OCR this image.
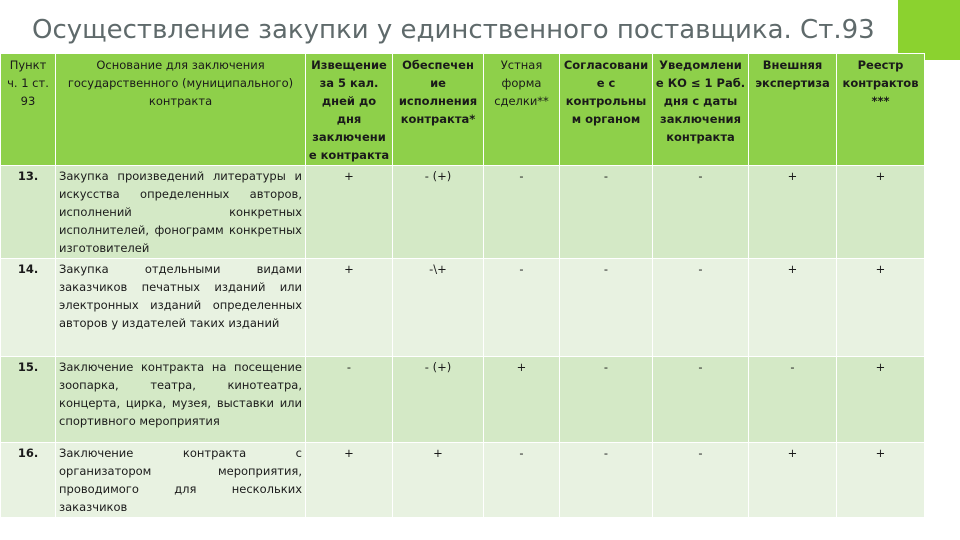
Осуществление закупки у единственного поставщика. Ст.93
Пункт ч. 1 ст. 93	Основание для заключения государственного (муниципального) контракта	Извещение за 5 кал. дней до дня заключени е контракта	Обеспечен ие исполнения контракта*	Устная форма сделки**	Согласовани е с контрольны м органом	Уведомлени е КО ≤ 1 Раб. дня с даты заключения контракта	Внешняя экспертиза	Реестр контрактов ***
13.	Закупка произведений литературы и искусства определенных авторов, исполнений конкретных исполнителей, фонограмм конкретных изготовителей	+	- (+)	-	-	-	+	+
14.	Закупка отдельными видами заказчиков печатных изданий или электронных изданий определенных авторов у издателей таких изданий	+	-\+	-	-	-	+	+
15.	Заключение контракта на посещение зоопарка, театра, кинотеатра, концерта, цирка, музея, выставки или спортивного мероприятия	-	- (+)	+	-	-	-	+
16.	Заключение контракта с организатором мероприятия, проводимого для нескольких заказчиков	+	+	-	-	-	+	+
